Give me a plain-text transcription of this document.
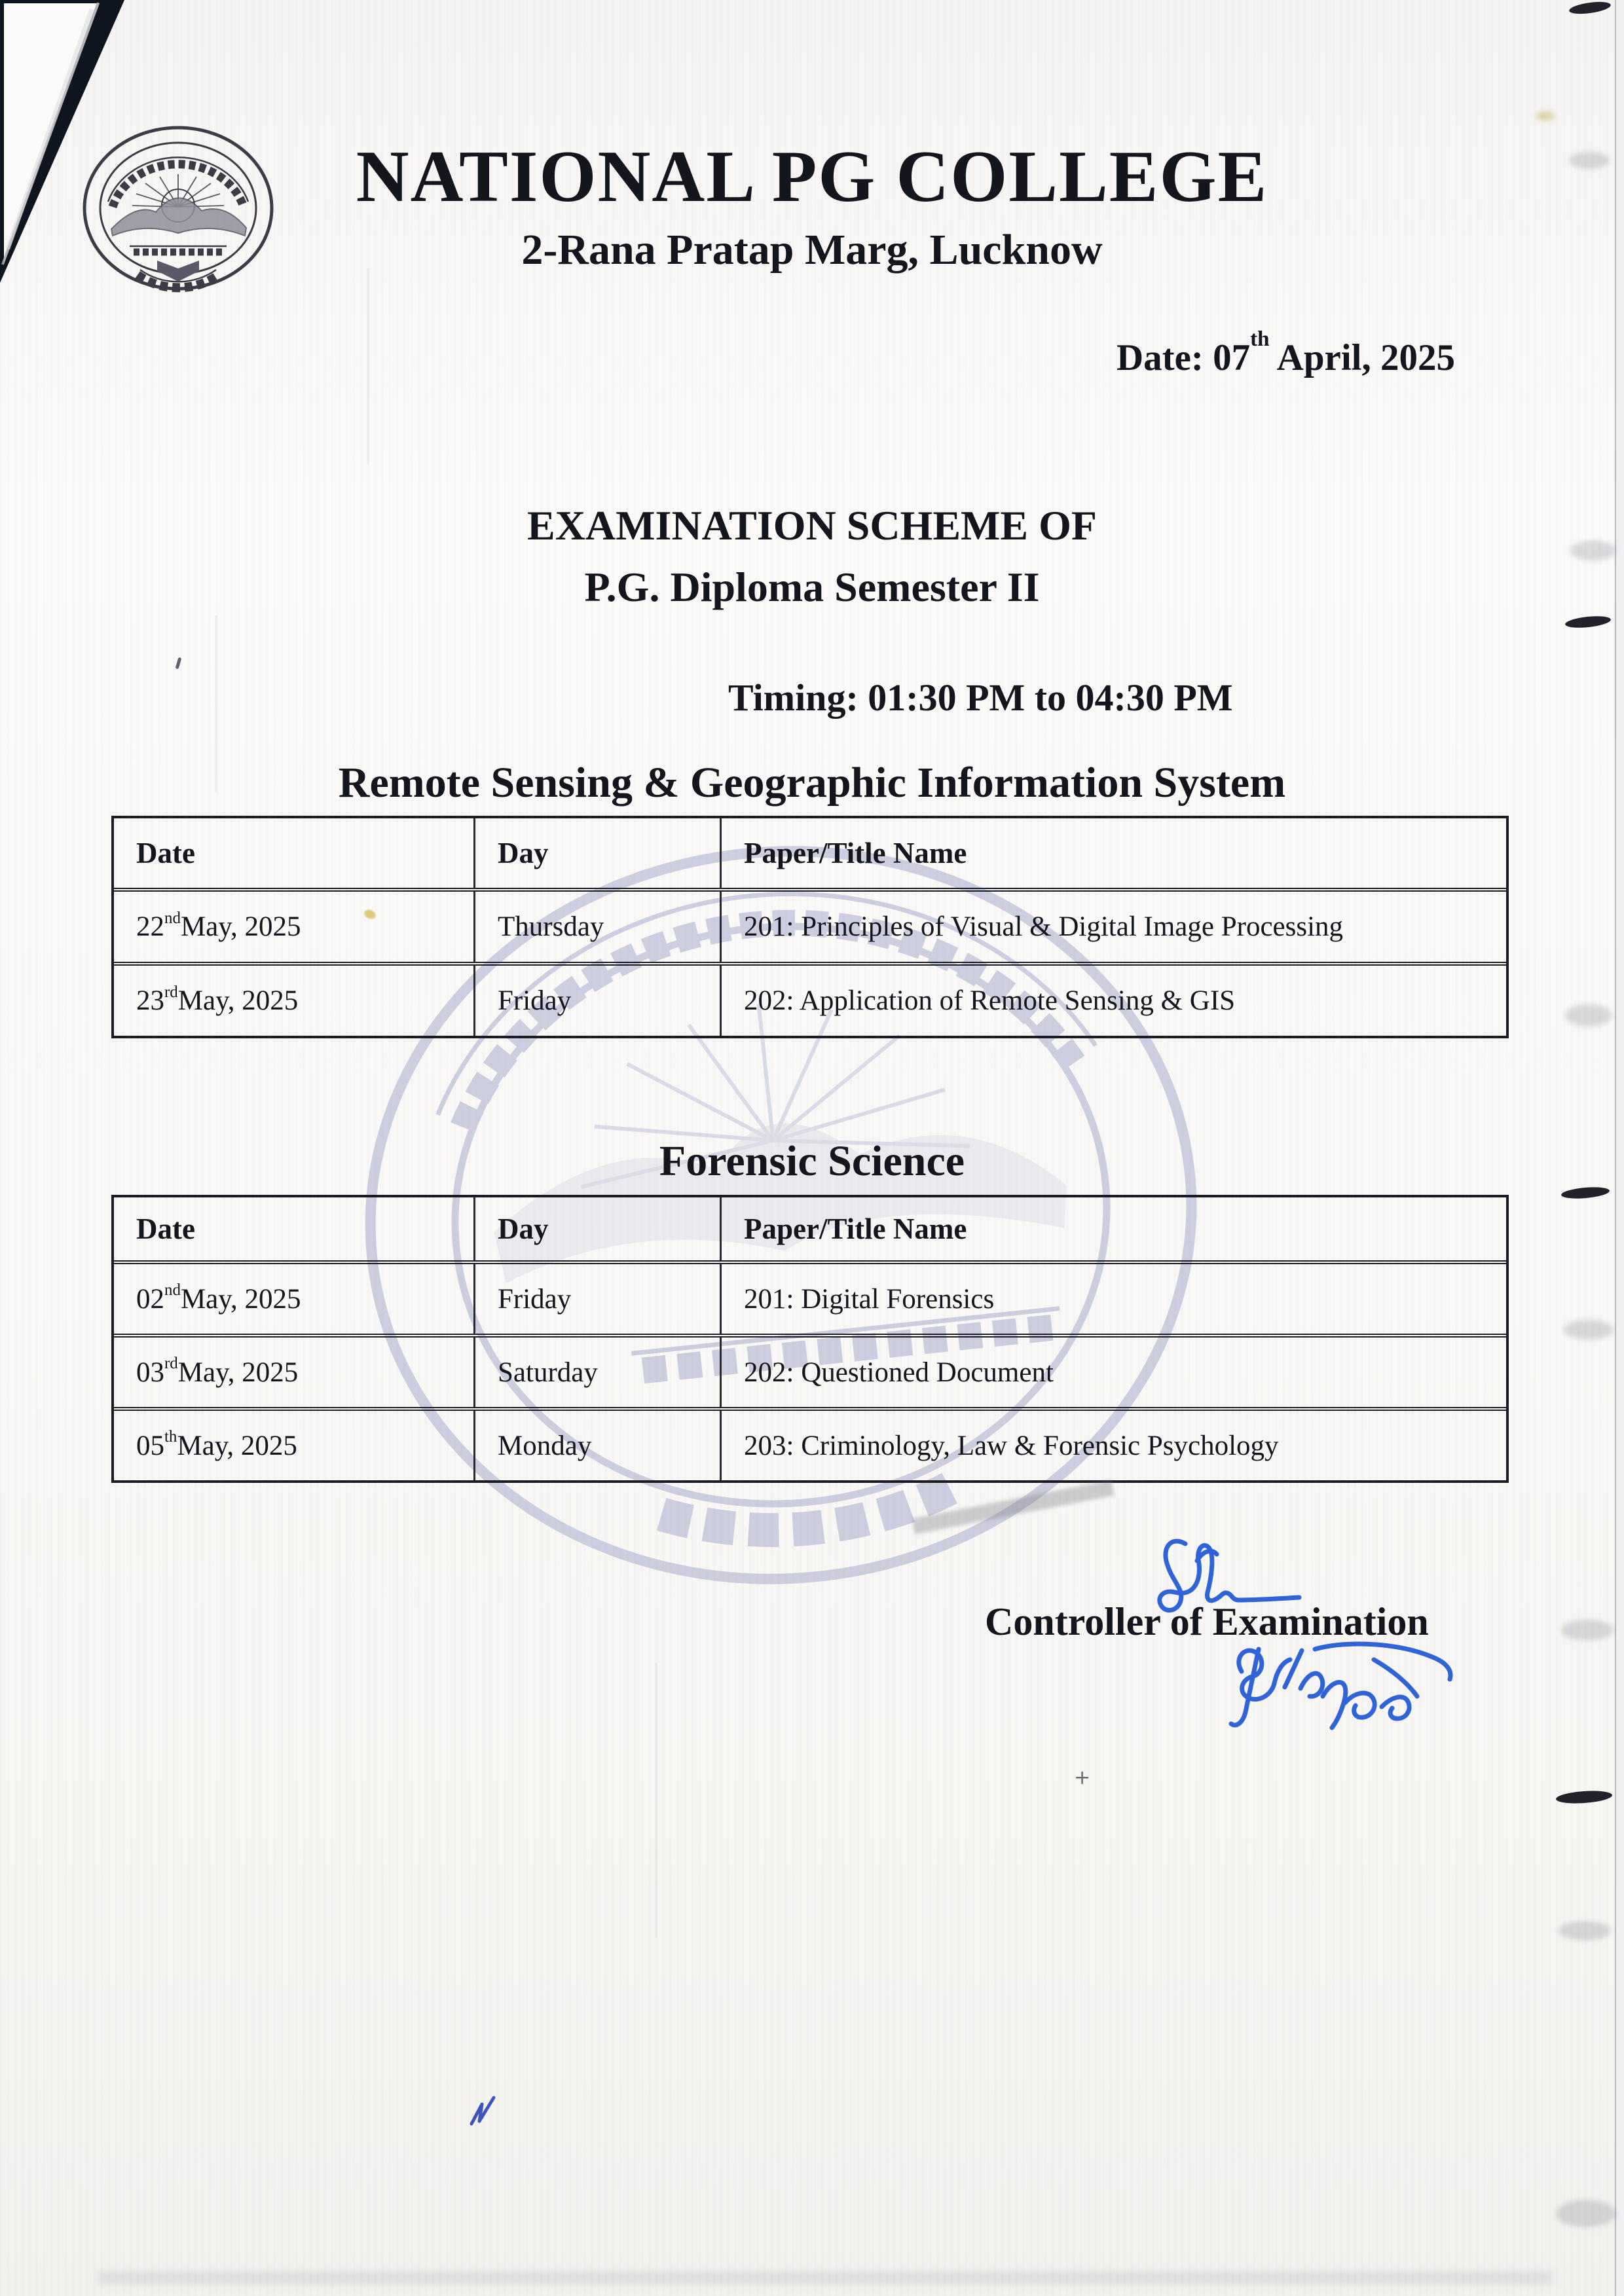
NATIONAL PG COLLEGE
2-Rana Pratap Marg, Lucknow
Date: 07th April, 2025
EXAMINATION SCHEME OF
P.G. Diploma Semester II
Timing: 01:30 PM to 04:30 PM
Remote Sensing & Geographic Information System
Date	Day	Paper/Title Name
22nd May, 2025	Thursday	201: Principles of Visual & Digital Image Processing
23rd May, 2025	Friday	202: Application of Remote Sensing & GIS
Forensic Science
Date	Day	Paper/Title Name
02nd May, 2025	Friday	201: Digital Forensics
03rd May, 2025	Saturday	202: Questioned Document
05th May, 2025	Monday	203: Criminology, Law & Forensic Psychology
Controller of Examination
+
